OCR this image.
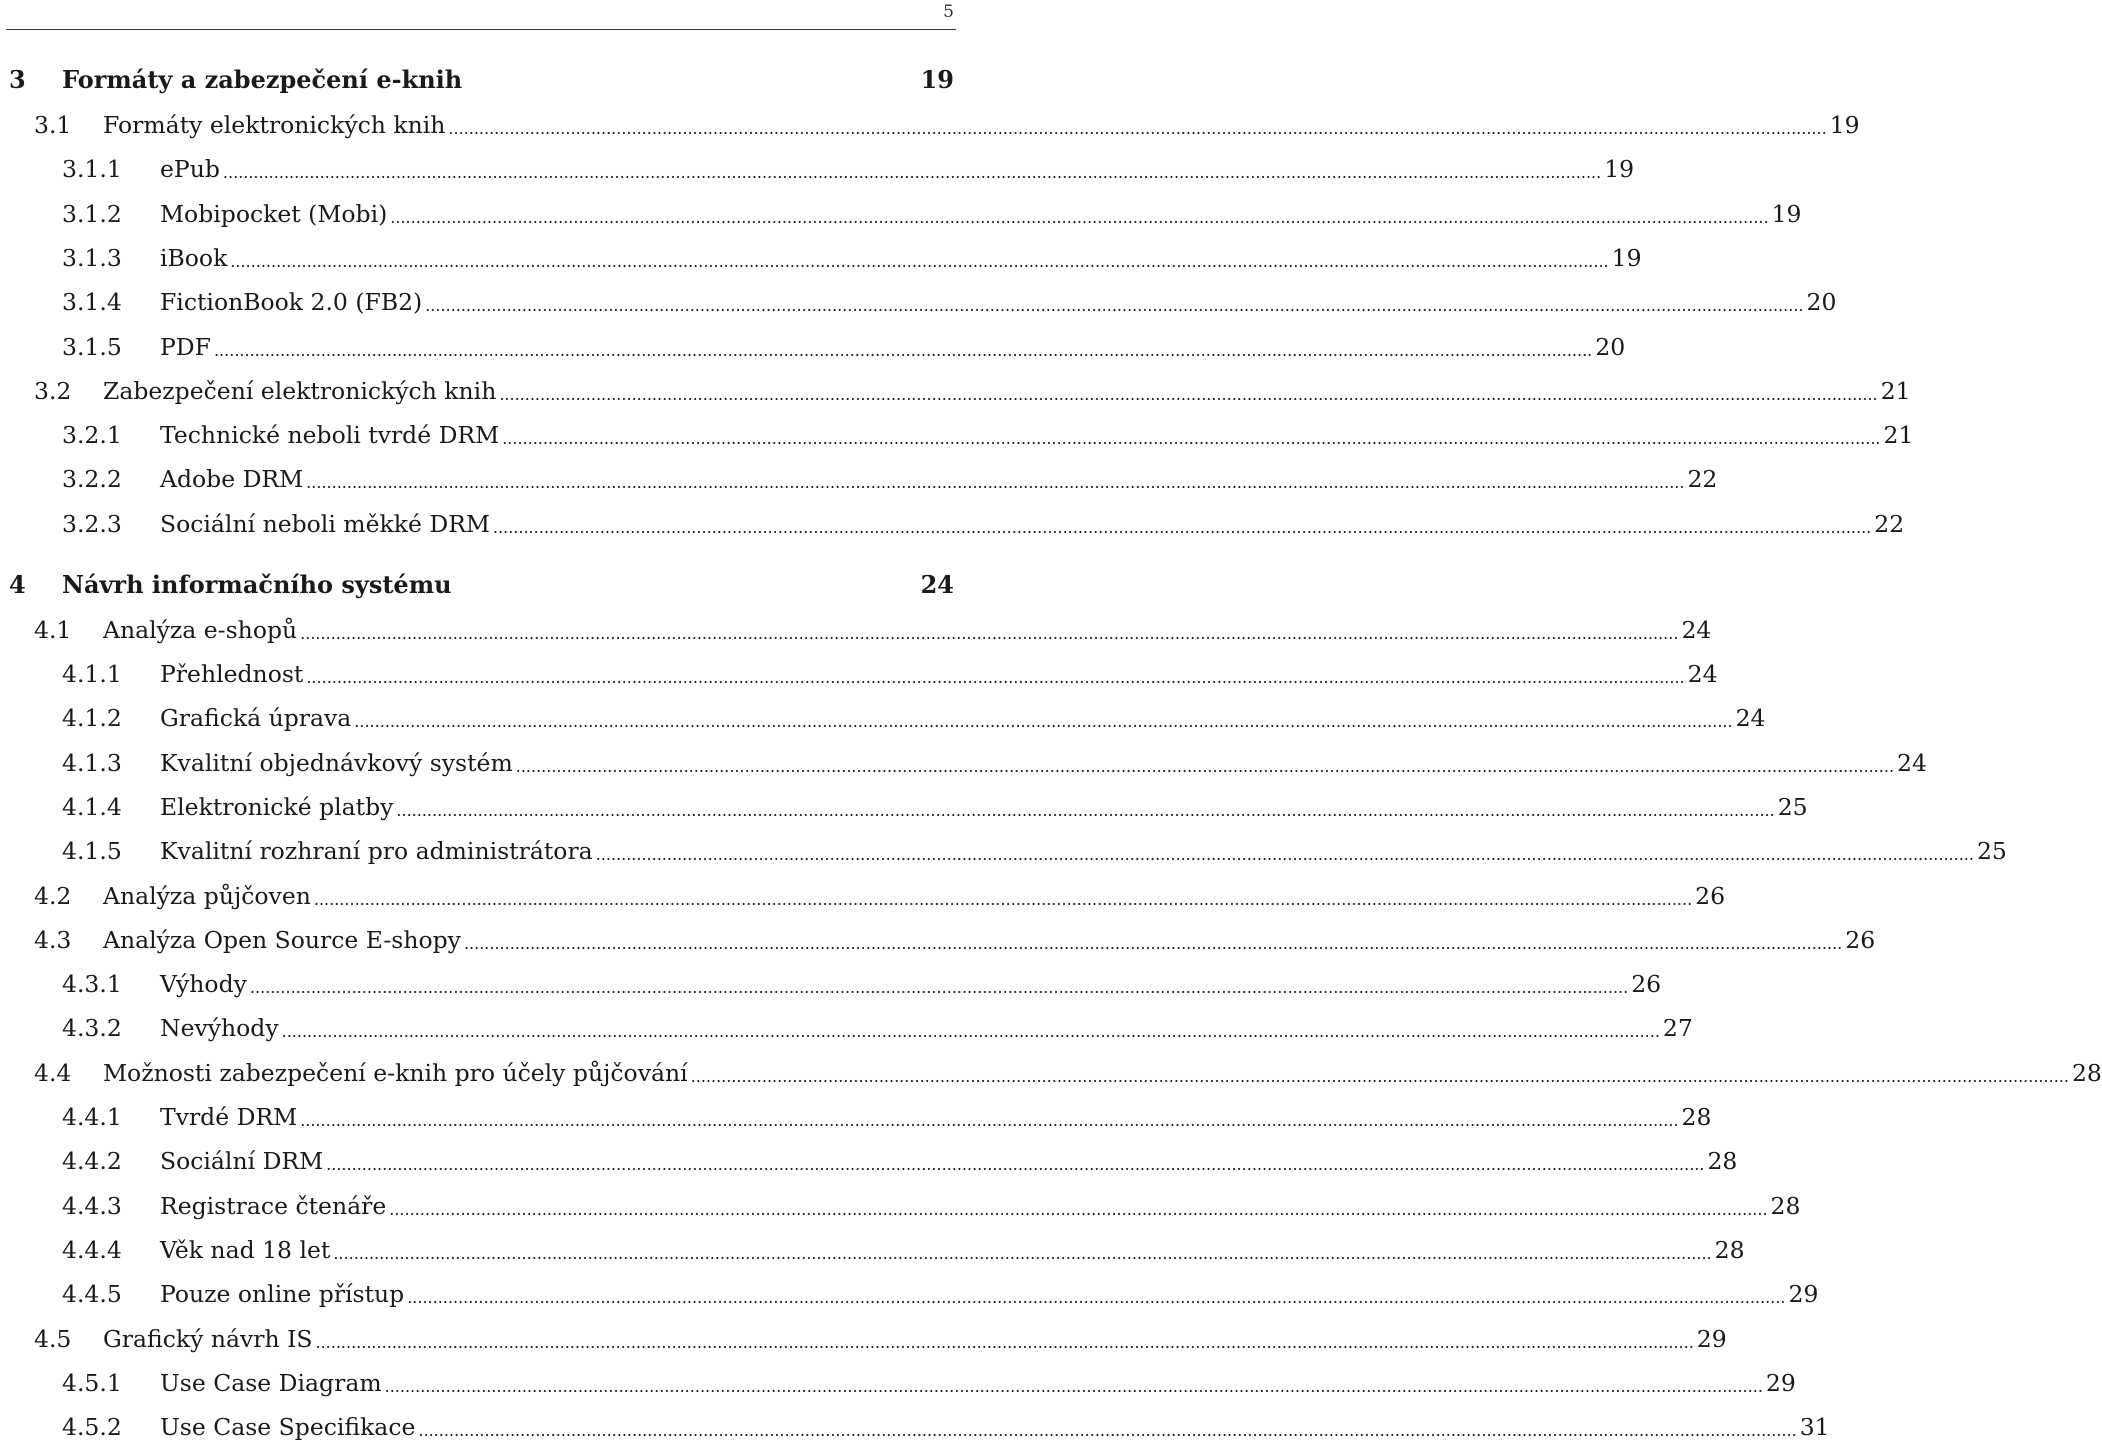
5
3 Formáty a zabezpečení e-knih	19
3.1 Formáty elektronických knih .....	19
3.1.1 ePub .....	19
3.1.2 Mobipocket (Mobi) .....	19
3.1.3 iBook .....	19
3.1.4 FictionBook 2.0 (FB2) .....	20
3.1.5 PDF .....	20
3.2 Zabezpečení elektronických knih .....	21
3.2.1 Technické neboli tvrdé DRM .....	21
3.2.2 Adobe DRM .....	22
3.2.3 Sociální neboli měkké DRM .....	22
4 Návrh informačního systému	24
4.1 Analýza e-shopů .....	24
4.1.1 Přehlednost .....	24
4.1.2 Grafická úprava .....	24
4.1.3 Kvalitní objednávkový systém .....	24
4.1.4 Elektronické platby .....	25
4.1.5 Kvalitní rozhraní pro administrátora .....	25
4.2 Analýza půjčoven .....	26
4.3 Analýza Open Source E-shopy .....	26
4.3.1 Výhody .....	26
4.3.2 Nevýhody .....	27
4.4 Možnosti zabezpečení e-knih pro účely půjčování .....	28
4.4.1 Tvrdé DRM .....	28
4.4.2 Sociální DRM .....	28
4.4.3 Registrace čtenáře .....	28
4.4.4 Věk nad 18 let .....	28
4.4.5 Pouze online přístup .....	29
4.5 Grafický návrh IS .....	29
4.5.1 Use Case Diagram .....	29
4.5.2 Use Case Specifikace .....	31
